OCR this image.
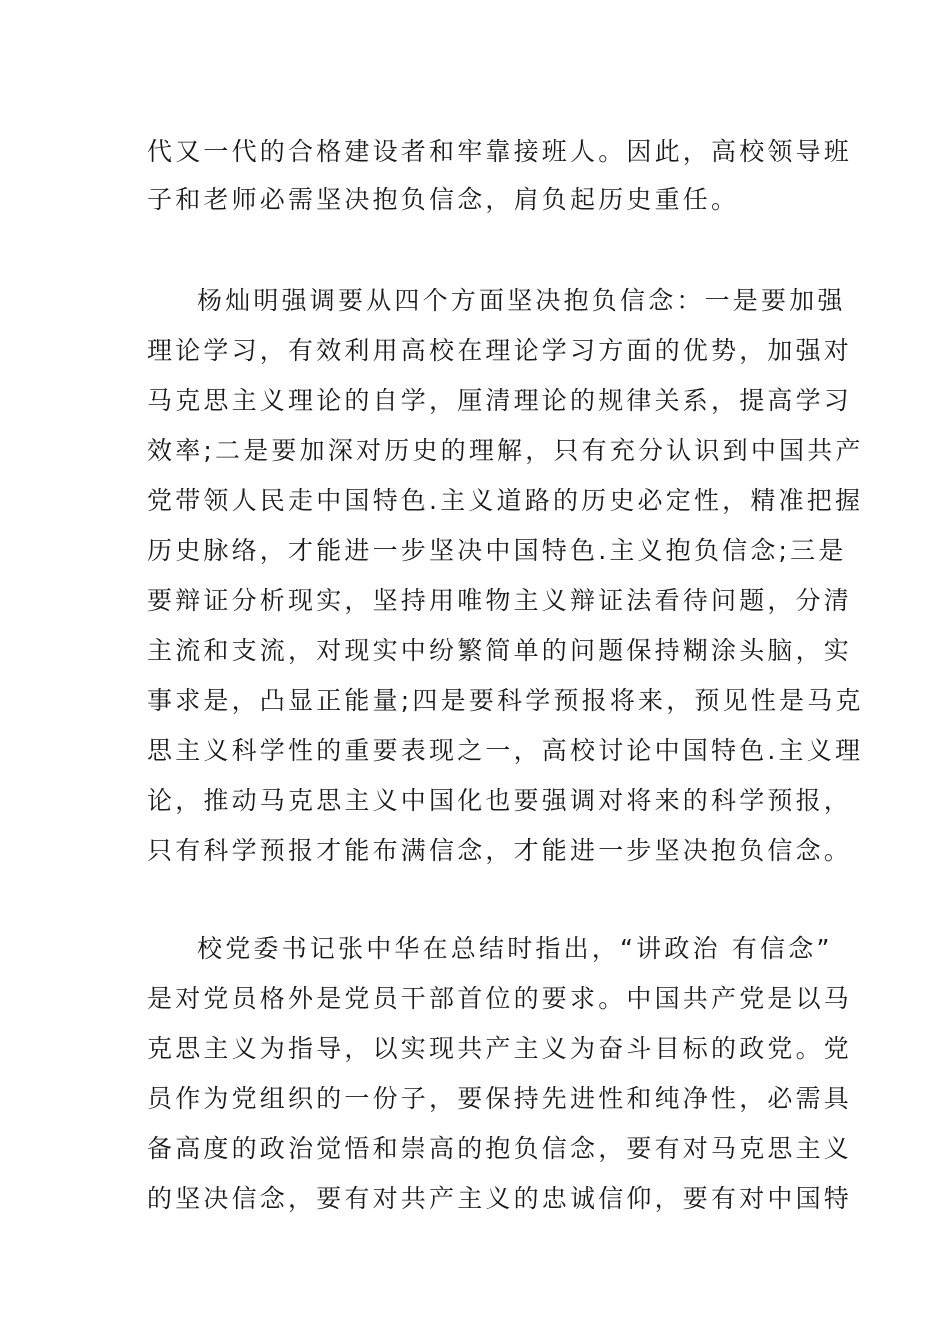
代又一代的合格建设者和牢靠接班人。因此，高校领导班
子和老师必需坚决抱负信念，肩负起历史重任。
杨灿明强调要从四个方面坚决抱负信念：一是要加强
理论学习，有效利用高校在理论学习方面的优势，加强对
马克思主义理论的自学，厘清理论的规律关系，提高学习
效率;二是要加深对历史的理解，只有充分认识到中国共产
党带领人民走中国特色.主义道路的历史必定性，精准把握
历史脉络，才能进一步坚决中国特色.主义抱负信念;三是
要辩证分析现实，坚持用唯物主义辩证法看待问题，分清
主流和支流，对现实中纷繁简单的问题保持糊涂头脑，实
事求是，凸显正能量;四是要科学预报将来，预见性是马克
思主义科学性的重要表现之一，高校讨论中国特色.主义理
论，推动马克思主义中国化也要强调对将来的科学预报，
只有科学预报才能布满信念，才能进一步坚决抱负信念。
校党委书记张中华在总结时指出，“讲政治 有信念”
是对党员格外是党员干部首位的要求。中国共产党是以马
克思主义为指导，以实现共产主义为奋斗目标的政党。党
员作为党组织的一份子，要保持先进性和纯净性，必需具
备高度的政治觉悟和崇高的抱负信念，要有对马克思主义
的坚决信念，要有对共产主义的忠诚信仰，要有对中国特
